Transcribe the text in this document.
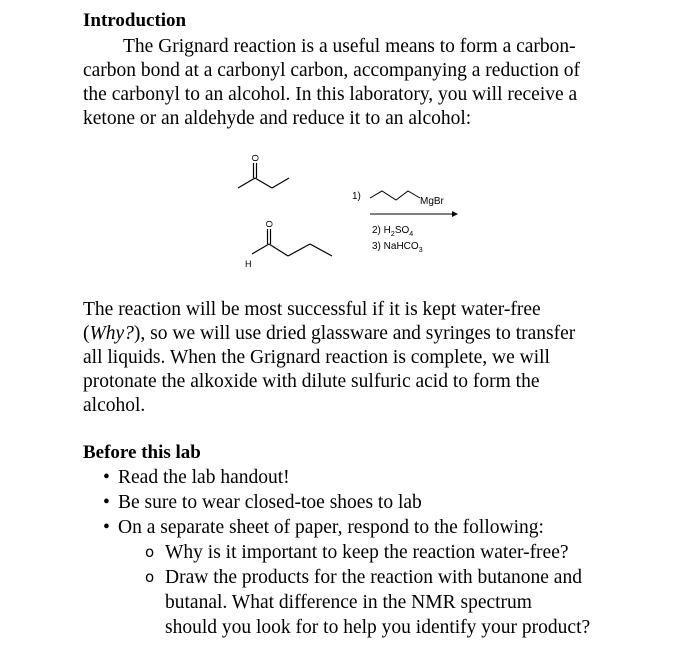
Introduction
The Grignard reaction is a useful means to form a carbon-
carbon bond at a carbonyl carbon, accompanying a reduction of
the carbonyl to an alcohol. In this laboratory, you will receive a
ketone or an aldehyde and reduce it to an alcohol:
O
O
H
1)	MgBr
2) $H_2SO_4$
3) NaHCO$_3$
The reaction will be most successful if it is kept water-free
(Why?), so we will use dried glassware and syringes to transfer
all liquids. When the Grignard reaction is complete, we will
protonate the alkoxide with dilute sulfuric acid to form the
alcohol.
Before this lab
• Read the lab handout!
• Be sure to wear closed-toe shoes to lab
• On a separate sheet of paper, respond to the following:
o Why is it important to keep the reaction water-free?
o Draw the products for the reaction with butanone and
butanal. What difference in the NMR spectrum
should you look for to help you identify your product?
